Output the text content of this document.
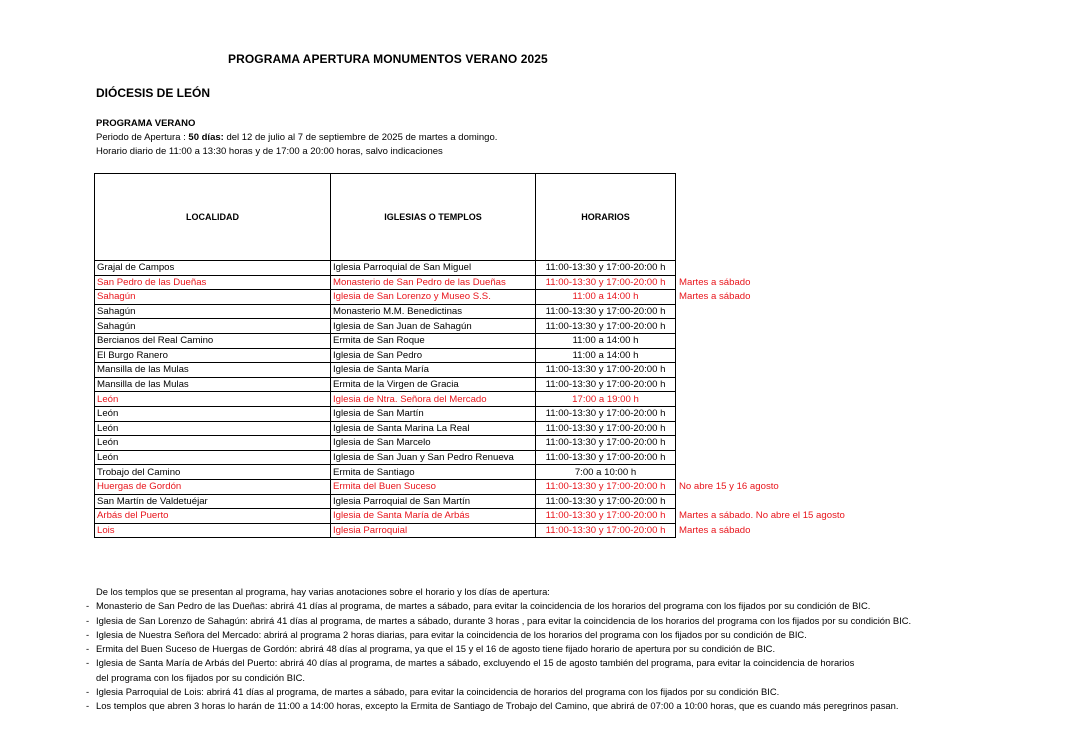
PROGRAMA APERTURA MONUMENTOS VERANO 2025
DIÓCESIS DE LEÓN
PROGRAMA VERANO
Periodo de Apertura : 50 días: del 12 de julio al 7 de septiembre de 2025 de martes a domingo.
Horario diario de 11:00 a 13:30 horas y de 17:00 a 20:00 horas, salvo indicaciones
LOCALIDAD	IGLESIAS O TEMPLOS	HORARIOS	
Grajal de Campos	Iglesia Parroquial de San Miguel	11:00-13:30 y 17:00-20:00 h	
San Pedro de las Dueñas	Monasterio de San Pedro de las Dueñas	11:00-13:30 y 17:00-20:00 h	Martes a sábado
Sahagún	Iglesia de San Lorenzo y Museo S.S.	11:00 a 14:00 h	Martes a sábado
Sahagún	Monasterio M.M. Benedictinas	11:00-13:30 y 17:00-20:00 h	
Sahagún	Iglesia de San Juan de Sahagún	11:00-13:30 y 17:00-20:00 h	
Bercianos del Real Camino	Ermita de San Roque	11:00 a 14:00 h	
El Burgo Ranero	Iglesia de San Pedro	11:00 a 14:00 h	
Mansilla de las Mulas	Iglesia de Santa María	11:00-13:30 y 17:00-20:00 h	
Mansilla de las Mulas	Ermita de la Virgen de Gracia	11:00-13:30 y 17:00-20:00 h	
León	Iglesia de Ntra. Señora del Mercado	17:00 a 19:00 h	
León	Iglesia de San Martín	11:00-13:30 y 17:00-20:00 h	
León	Iglesia de Santa Marina La Real	11:00-13:30 y 17:00-20:00 h	
León	Iglesia de San Marcelo	11:00-13:30 y 17:00-20:00 h	
León	Iglesia de San Juan y San Pedro Renueva	11:00-13:30 y 17:00-20:00 h	
Trobajo del Camino	Ermita de Santiago	7:00 a 10:00 h	
Huergas de Gordón	Ermita del Buen Suceso	11:00-13:30 y 17:00-20:00 h	No abre 15 y 16 agosto
San Martín de Valdetuéjar	Iglesia Parroquial de San Martín	11:00-13:30 y 17:00-20:00 h	
Arbás del Puerto	Iglesia de Santa María de Arbás	11:00-13:30 y 17:00-20:00 h	Martes a sábado. No abre el 15 agosto
Lois	Iglesia Parroquial	11:00-13:30 y 17:00-20:00 h	Martes a sábado
De los templos que se presentan al programa, hay varias anotaciones sobre el horario y los días de apertura:
- Monasterio de San Pedro de las Dueñas: abrirá 41 días al programa, de martes a sábado, para evitar la coincidencia de los horarios del programa con los fijados por su condición de BIC.
- Iglesia de San Lorenzo de Sahagún: abrirá 41 días al programa, de martes a sábado, durante 3 horas , para evitar la coincidencia de los horarios del programa con los fijados por su condición BIC.
- Iglesia de Nuestra Señora del Mercado: abrirá al programa 2 horas diarias, para evitar la coincidencia de los horarios del programa con los fijados por su condición de BIC.
- Ermita del Buen Suceso de Huergas de Gordón: abrirá 48 días al programa, ya que el 15 y el 16 de agosto tiene fijado horario de apertura por su condición de BIC.
- Iglesia de Santa María de Arbás del Puerto: abrirá 40 días al programa, de martes a sábado, excluyendo el 15 de agosto también del programa, para evitar la coincidencia de horarios
del programa con los fijados por su condición BIC.
- Iglesia Parroquial de Lois: abrirá 41 días al programa, de martes a sábado, para evitar la coincidencia de horarios del programa con los fijados por su condición BIC.
- Los templos que abren 3 horas lo harán de 11:00 a 14:00 horas, excepto la Ermita de Santiago de Trobajo del Camino, que abrirá de 07:00 a 10:00 horas, que es cuando más peregrinos pasan.
